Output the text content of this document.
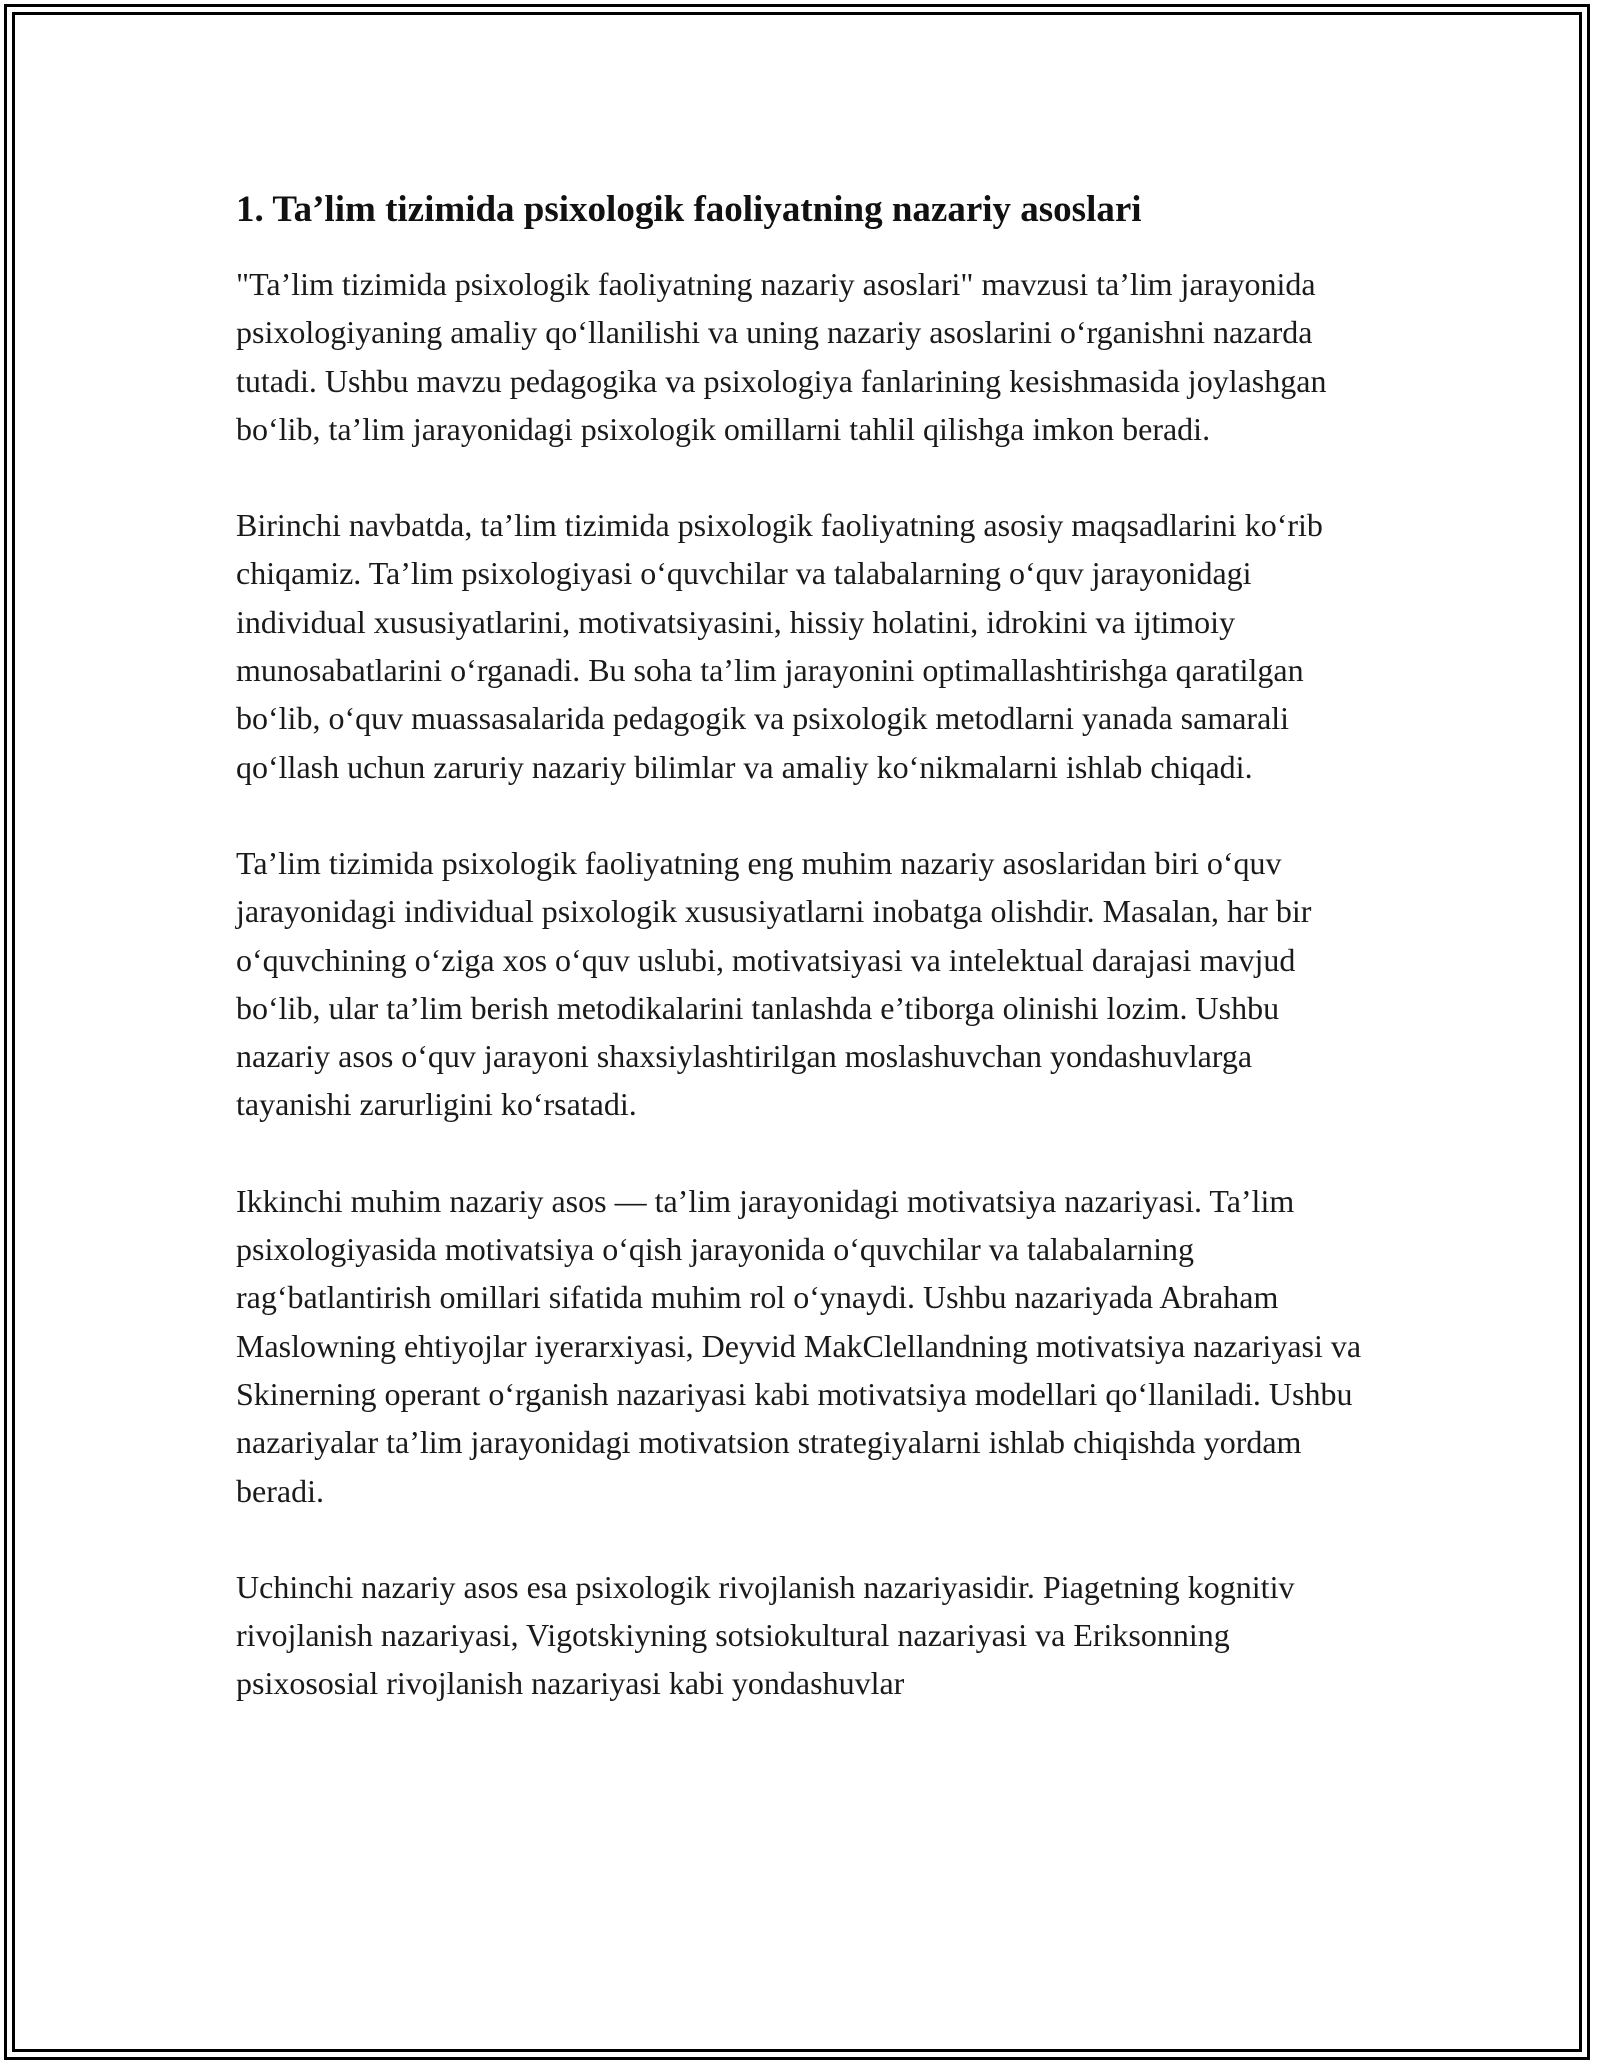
1. Ta’lim tizimida psixologik faoliyatning nazariy asoslari

"Ta’lim tizimida psixologik faoliyatning nazariy asoslari" mavzusi ta’lim jarayonida psixologiyaning amaliy qo‘llanilishi va uning nazariy asoslarini o‘rganishni nazarda tutadi. Ushbu mavzu pedagogika va psixologiya fanlarining kesishmasida joylashgan bo‘lib, ta’lim jarayonidagi psixologik omillarni tahlil qilishga imkon beradi.

Birinchi navbatda, ta’lim tizimida psixologik faoliyatning asosiy maqsadlarini ko‘rib chiqamiz. Ta’lim psixologiyasi o‘quvchilar va talabalarning o‘quv jarayonidagi individual xususiyatlarini, motivatsiyasini, hissiy holatini, idrokini va ijtimoiy munosabatlarini o‘rganadi. Bu soha ta’lim jarayonini optimallashtirishga qaratilgan bo‘lib, o‘quv muassasalarida pedagogik va psixologik metodlarni yanada samarali qo‘llash uchun zaruriy nazariy bilimlar va amaliy ko‘nikmalarni ishlab chiqadi.

Ta’lim tizimida psixologik faoliyatning eng muhim nazariy asoslaridan biri o‘quv jarayonidagi individual psixologik xususiyatlarni inobatga olishdir. Masalan, har bir o‘quvchining o‘ziga xos o‘quv uslubi, motivatsiyasi va intelektual darajasi mavjud bo‘lib, ular ta’lim berish metodikalarini tanlashda e’tiborga olinishi lozim. Ushbu nazariy asos o‘quv jarayoni shaxsiylashtirilgan moslashuvchan yondashuvlarga tayanishi zarurligini ko‘rsatadi.

Ikkinchi muhim nazariy asos — ta’lim jarayonidagi motivatsiya nazariyasi. Ta’lim psixologiyasida motivatsiya o‘qish jarayonida o‘quvchilar va talabalarning rag‘batlantirish omillari sifatida muhim rol o‘ynaydi. Ushbu nazariyada Abraham Maslowning ehtiyojlar iyerarxiyasi, Deyvid MakClellandning motivatsiya nazariyasi va Skinerning operant o‘rganish nazariyasi kabi motivatsiya modellari qo‘llaniladi. Ushbu nazariyalar ta’lim jarayonidagi motivatsion strategiyalarni ishlab chiqishda yordam beradi.

Uchinchi nazariy asos esa psixologik rivojlanish nazariyasidir. Piagetning kognitiv rivojlanish nazariyasi, Vigotskiyning sotsiokultural nazariyasi va Eriksonning psixososial rivojlanish nazariyasi kabi yondashuvlar
